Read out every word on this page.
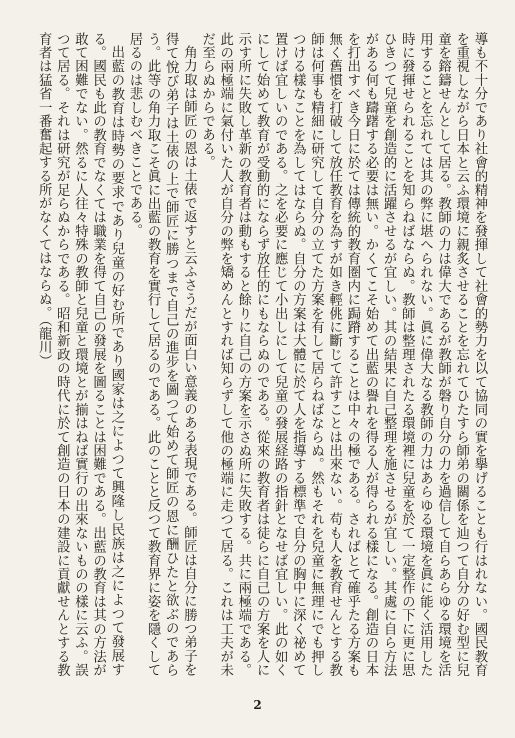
導も不十分であり社會的精神を發揮して社會的勢力を以て協同の實を擧げることも行はれない。國民教育を重視しながら日本と云ふ環境に親炙させることを忘れてひたすら師弟の關係を辿つて自分の好む型に兒童を鎔鑄せんとして居る。教師の力は偉大であるが教師が磐り自分の力を過信して自らあらゆる環境を活用することを忘れては其の弊に堪へられない。眞に偉大なる教師の力はあらゆる環境を眞に能く活用した時に發揮せられることを知らねばならぬ。教師は整理されたる環境裡に兒童を於て一定整作の下に更に思ひきつて兒童を創造的に活躍させるが宜しい。其の結果に自己整理を施させるが宜しい。其處に自ら方法がある何も躊躇する必要は無い。かくてこそ始めて出藍の譽れを得る人が得られる樣になる。創造の日本を打出すべき今日に於ては傳統的教育圏内に跼蹐することは中々の極である。さればとて確乎たる方案も無く舊慣を打破して放任教育を為すが如き輕佻に斷じて許すことは出來ない。苟も人を教育せんとする教師は何事も精細に研究して自分の立てた方案を有して居らねばならぬ。然もそれを兒童に無理にでも押しつける樣なことを為してはならぬ。自分の方案は大體に於て人を指導する標準で自分の胸中に深く祕めて置けば宜しいのである。之を必要に應じて小出しにして兒童の發展経路の指針となせば宜しい。此の如くにして始めて教育が受動的にならず放任的にもならぬのである。從來の教育者は徒らに自己の方案を人に示す所に失敗し革新の教育者は動もすると餘りに自己の方案を示さぬ所に失敗する。共に兩極端である。此の兩極端に氣付いた人が自分の弊を矯めんとすれば知らずして他の極端に走つて居る。これは工夫が未だ至らぬからである。

角力取は師匠の恩は土俵で返すと云ふさうだが面白い意義のある表現である。師匠は自分に勝つ弟子を得て悅び弟子は土俵の上で師匠に勝つまで自己の進步を圖つて始めて師匠の恩に酬ひたと欲ぶのであらう。此等の角力取こそ眞に出藍の教育を實行して居るのである。此のことと反つて教育界に姿を隱くして居るのは悲しむべきことである。

出藍の教育は時勢の要求であり兒童の好む所であり國家は之によつて興隆し民族は之によつて發展する。國民も此の教育でなくては職業を得て自己の發展を圖ることは困難である。出藍の教育は其の方法が敢て困難でない。然るに人往々特殊の教師と兒童と環境とが揃はねば實行の出來ないものの樣に云ふ。誤つて居る。それは研究が足らぬからである。昭和新政の時代に於て創造の日本の建設に貢獻せんとする教育者は猛省一番奮起する所がなくてはならぬ。（龍川）

2
